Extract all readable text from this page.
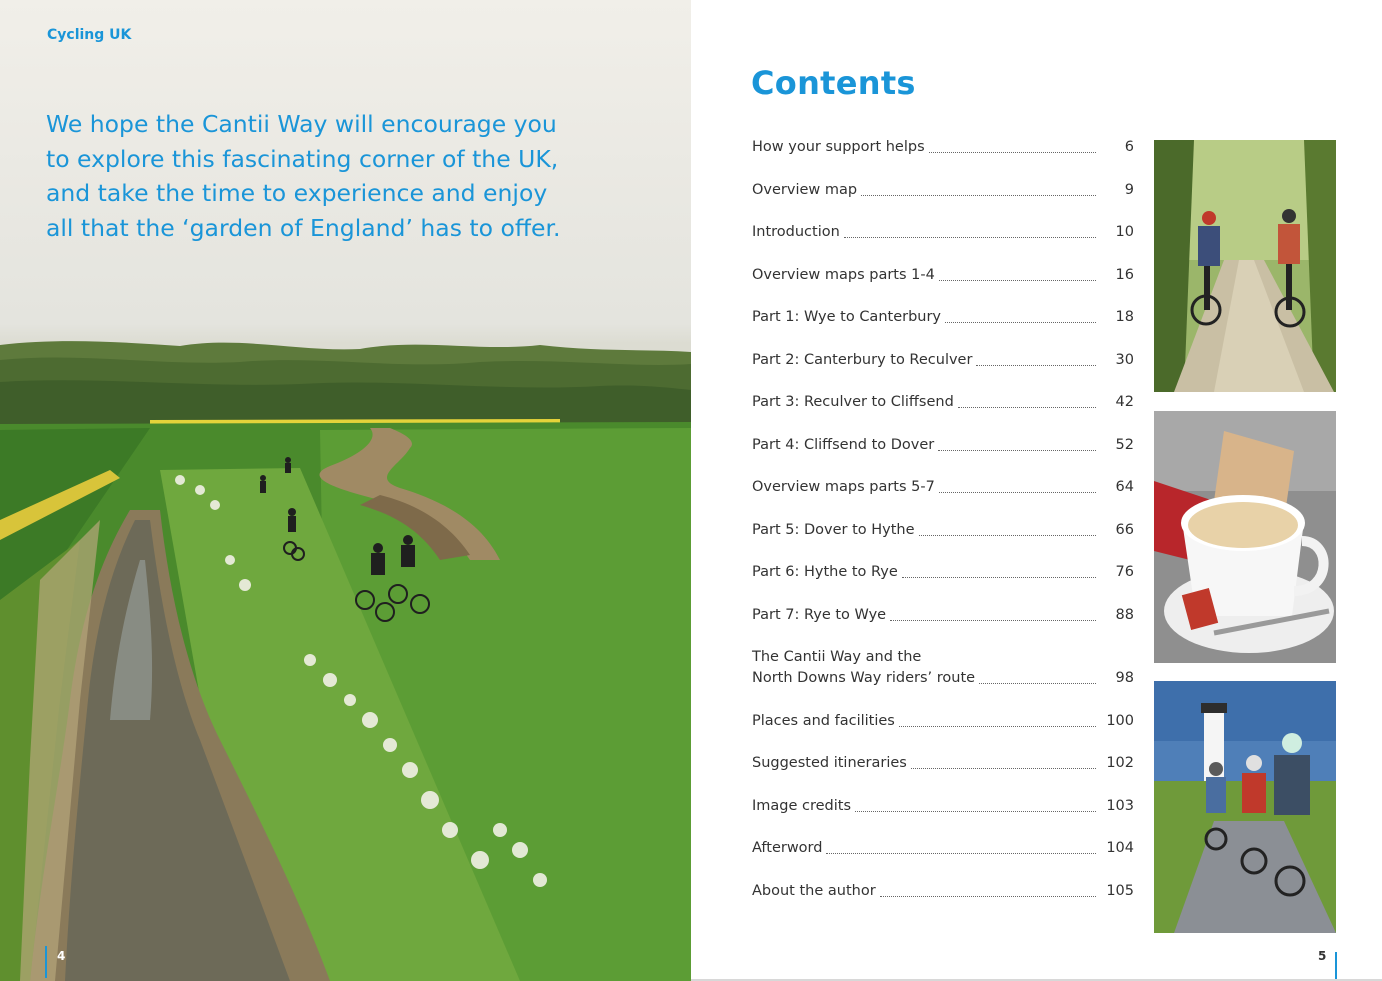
Cycling UK

We hope the Cantii Way will encourage you to explore this fascinating corner of the UK, and take the time to experience and enjoy all that the ‘garden of England’ has to offer.

4
Contents
How your support helps	6
Overview map	9
Introduction	10
Overview maps parts 1-4	16
Part 1: Wye to Canterbury	18
Part 2: Canterbury to Reculver	30
Part 3: Reculver to Cliffsend	42
Part 4: Cliffsend to Dover	52
Overview maps parts 5-7	64
Part 5: Dover to Hythe	66
Part 6: Hythe to Rye	76
Part 7: Rye to Wye	88
The Cantii Way and the
North Downs Way riders’ route	98
Places and facilities	100
Suggested itineraries	102
Image credits	103
Afterword	104
About the author	105
5
